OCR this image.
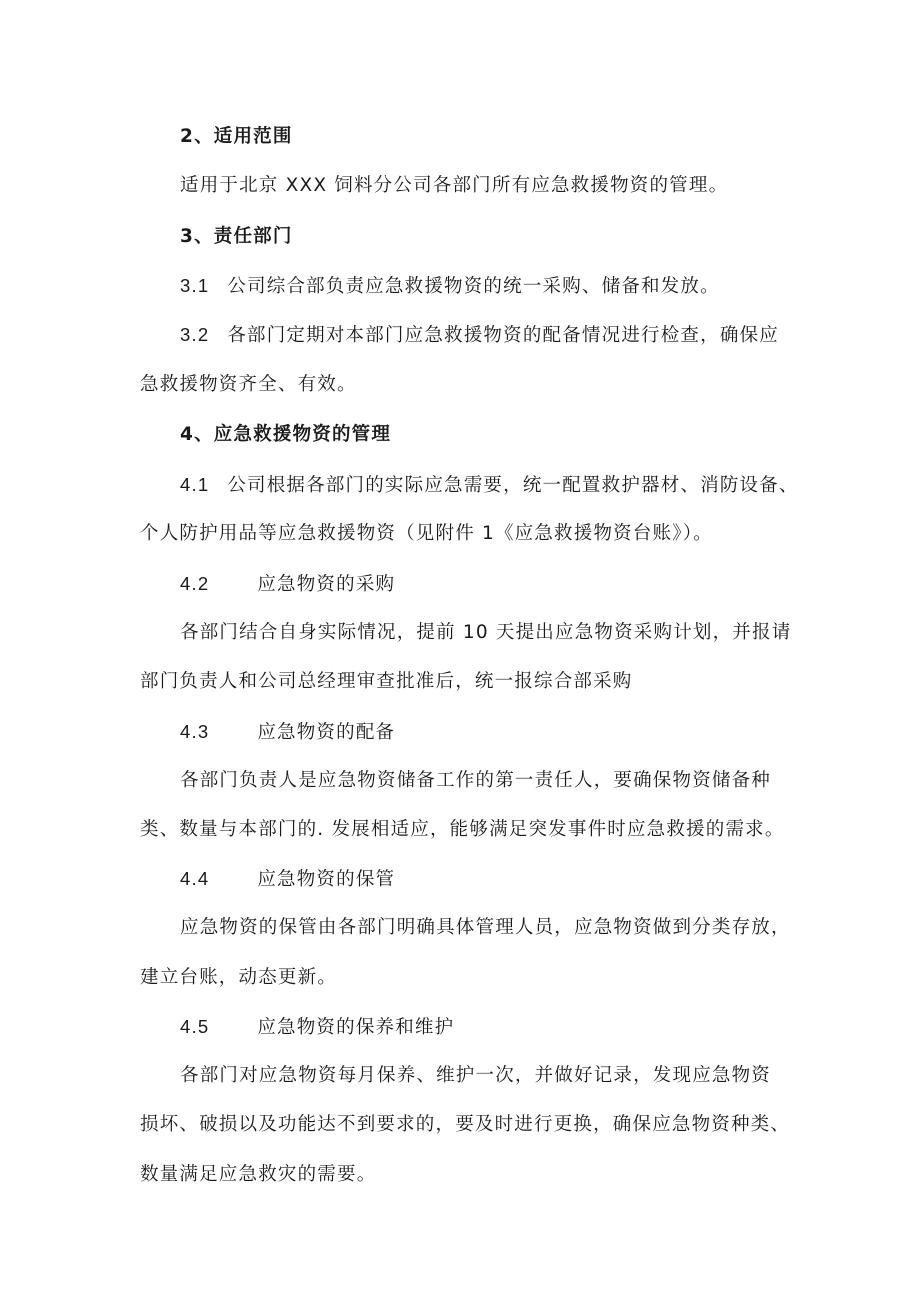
2、适用范围
适用于北京 XXX 饲料分公司各部门所有应急救援物资的管理。
3、责任部门
3.1 公司综合部负责应急救援物资的统一采购、储备和发放。
3.2 各部门定期对本部门应急救援物资的配备情况进行检查，确保应
急救援物资齐全、有效。
4、应急救援物资的管理
4.1 公司根据各部门的实际应急需要，统一配置救护器材、消防设备、
个人防护用品等应急救援物资（见附件 1《应急救援物资台账》）。
4.2	应急物资的采购
各部门结合自身实际情况，提前 10 天提出应急物资采购计划，并报请
部门负责人和公司总经理审查批准后，统一报综合部采购
4.3	应急物资的配备
各部门负责人是应急物资储备工作的第一责任人，要确保物资储备种
类、数量与本部门的. 发展相适应，能够满足突发事件时应急救援的需求。
4.4	应急物资的保管
应急物资的保管由各部门明确具体管理人员，应急物资做到分类存放，
建立台账，动态更新。
4.5	应急物资的保养和维护
各部门对应急物资每月保养、维护一次，并做好记录，发现应急物资
损坏、破损以及功能达不到要求的，要及时进行更换，确保应急物资种类、
数量满足应急救灾的需要。
